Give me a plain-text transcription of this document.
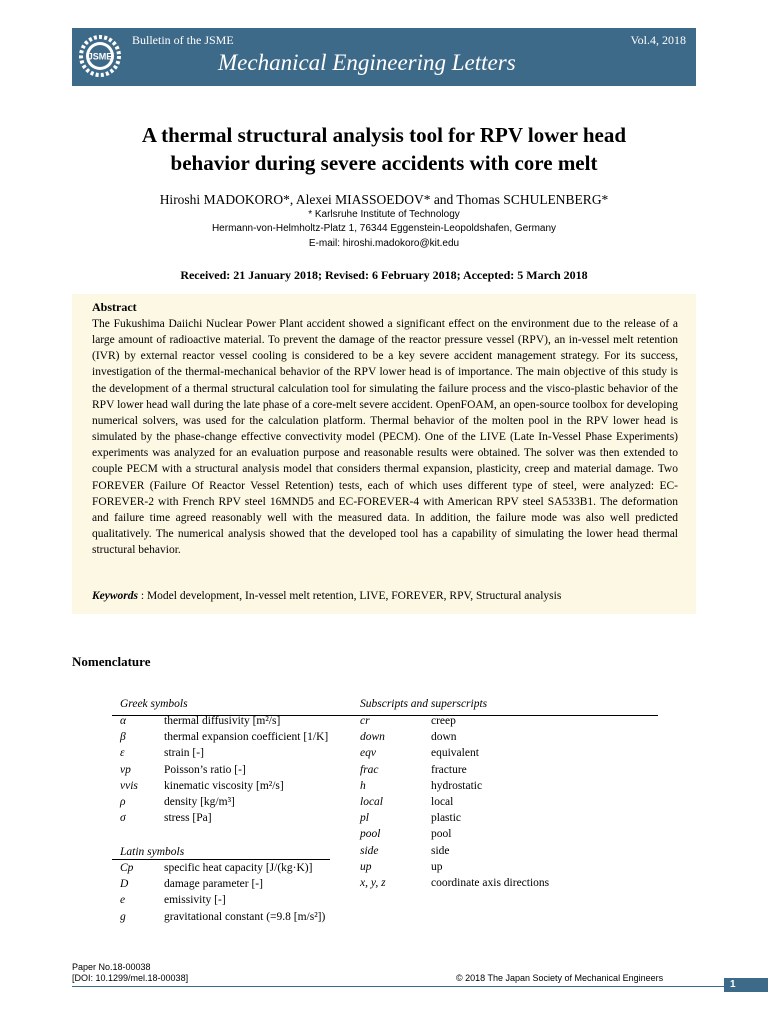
JSME
Bulletin of the JSME	Vol.4, 2018
Mechanical Engineering Letters
A thermal structural analysis tool for RPV lower head
behavior during severe accidents with core melt
Hiroshi MADOKORO*, Alexei MIASSOEDOV* and Thomas SCHULENBERG*
* Karlsruhe Institute of Technology
Hermann-von-Helmholtz-Platz 1, 76344 Eggenstein-Leopoldshafen, Germany
E-mail: hiroshi.madokoro@kit.edu
Received: 21 January 2018; Revised: 6 February 2018; Accepted: 5 March 2018
Abstract
The Fukushima Daiichi Nuclear Power Plant accident showed a significant effect on the environment due to the release of a large amount of radioactive material. To prevent the damage of the reactor pressure vessel (RPV), an in-vessel melt retention (IVR) by external reactor vessel cooling is considered to be a key severe accident management strategy. For its success, investigation of the thermal-mechanical behavior of the RPV lower head is of importance. The main objective of this study is the development of a thermal structural calculation tool for simulating the failure process and the visco-plastic behavior of the RPV lower head wall during the late phase of a core-melt severe accident. OpenFOAM, an open-source toolbox for developing numerical solvers, was used for the calculation platform. Thermal behavior of the molten pool in the RPV lower head is simulated by the phase-change effective convectivity model (PECM). One of the LIVE (Late In-Vessel Phase Experiments) experiments was analyzed for an evaluation purpose and reasonable results were obtained. The solver was then extended to couple PECM with a structural analysis model that considers thermal expansion, plasticity, creep and material damage. Two FOREVER (Failure Of Reactor Vessel Retention) tests, each of which uses different type of steel, were analyzed: EC-FOREVER-2 with French RPV steel 16MND5 and EC-FOREVER-4 with American RPV steel SA533B1. The deformation and failure time agreed reasonably well with the measured data. In addition, the failure mode was also well predicted qualitatively. The numerical analysis showed that the developed tool has a capability of simulating the lower head thermal structural behavior.
Keywords : Model development, In-vessel melt retention, LIVE, FOREVER, RPV, Structural analysis
Nomenclature
Greek symbols	Subscripts and superscripts
Latin symbols
α	thermal diffusivity [m²/s]
β	thermal expansion coefficient [1/K]
ε	strain [-]
νp	Poisson’s ratio [-]
νvis kinematic viscosity [m²/s]
ρ	density [kg/m³]
σ	stress [Pa]
Cp	specific heat capacity [J/(kg·K)]
D	damage parameter [-]
e	emissivity [-]
g	gravitational constant (=9.8 [m/s²])
cr	creep
down	down
eqv	equivalent
frac	fracture
h	hydrostatic
local	local
pl	plastic
pool	pool
side	side
up	up
x, y, z	coordinate axis directions
Paper No.18-00038
[DOI: 10.1299/mel.18-00038]	© 2018 The Japan Society of Mechanical Engineers
1
